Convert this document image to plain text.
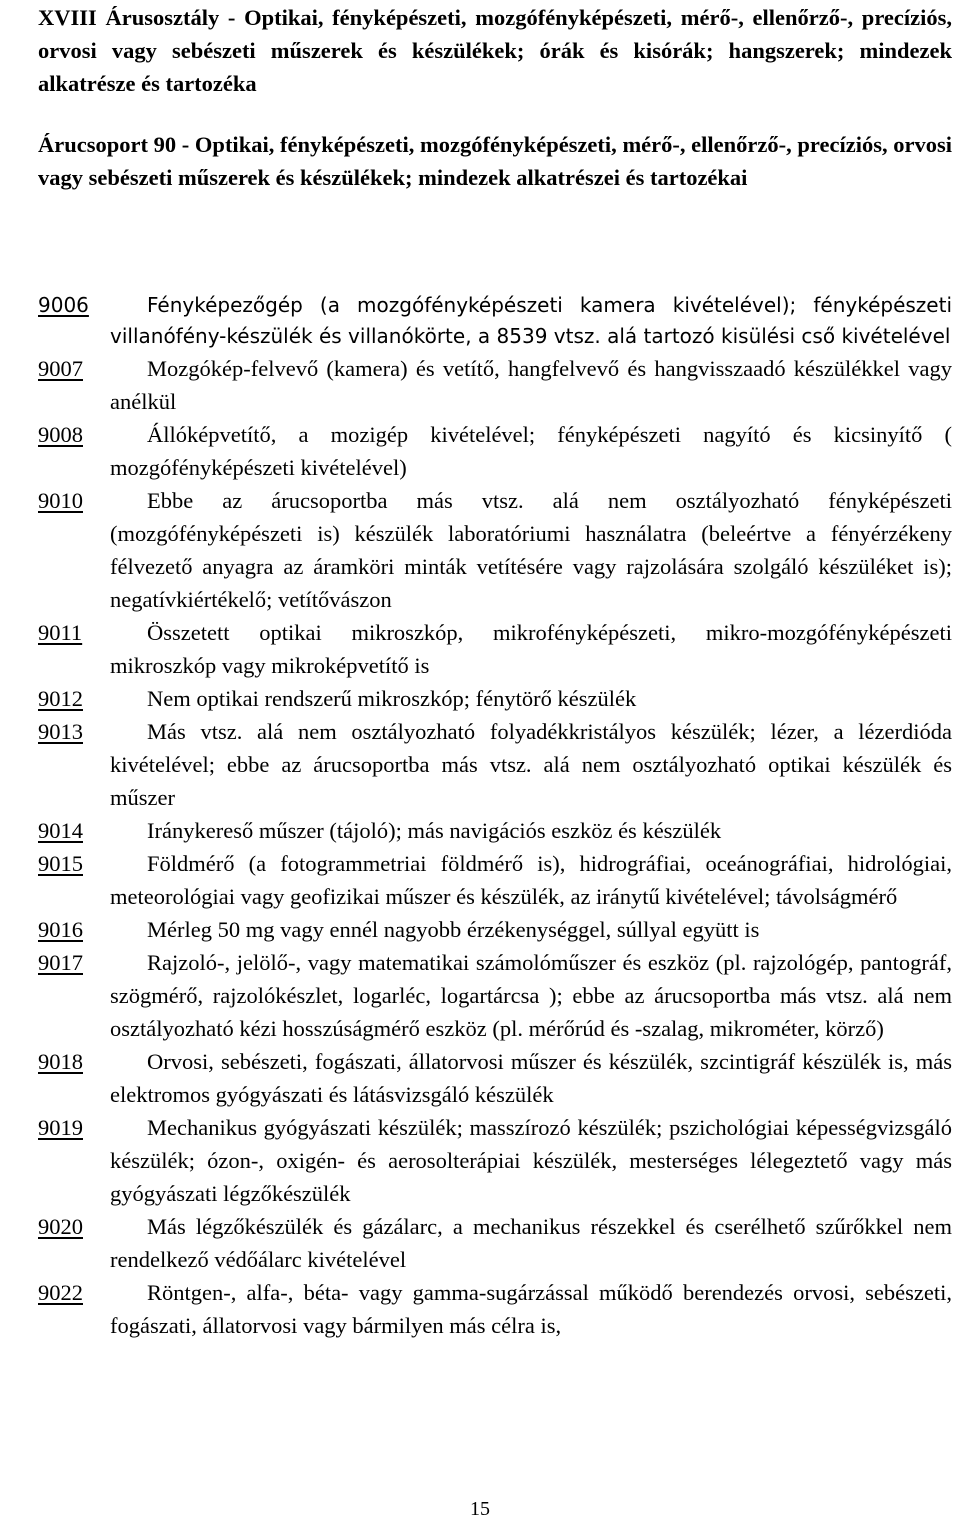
XVIII Árusosztály - Optikai, fényképészeti, mozgófényképészeti, mérő-, ellenőrző-, precíziós, orvosi vagy sebészeti műszerek és készülékek; órák és kisórák; hangszerek; mindezek alkatrésze és tartozéka
Árucsoport 90 - Optikai, fényképészeti, mozgófényképészeti, mérő-, ellenőrző-, precíziós, orvosi vagy sebészeti műszerek és készülékek; mindezek alkatrészei és tartozékai
9006	Fényképezőgép (a mozgófényképészeti kamera kivételével); fényképészeti villanófény-készülék és villanókörte, a 8539 vtsz. alá tartozó kisülési cső kivételével
9007	Mozgókép-felvevő (kamera) és vetítő, hangfelvevő és hangvisszaadó készülékkel vagy anélkül
9008	Állóképvetítő, a mozigép kivételével; fényképészeti nagyító és kicsinyítő ( mozgófényképészeti kivételével)
9010	Ebbe az árucsoportba más vtsz. alá nem osztályozható fényképészeti (mozgófényképészeti is) készülék laboratóriumi használatra (beleértve a fényérzékeny félvezető anyagra az áramköri minták vetítésére vagy rajzolására szolgáló készüléket is); negatívkiértékelő; vetítővászon
9011	Összetett optikai mikroszkóp, mikrofényképészeti, mikro-mozgófényképészeti mikroszkóp vagy mikroképvetítő is
9012	Nem optikai rendszerű mikroszkóp; fénytörő készülék
9013	Más vtsz. alá nem osztályozható folyadékkristályos készülék; lézer, a lézerdióda kivételével; ebbe az árucsoportba más vtsz. alá nem osztályozható optikai készülék és műszer
9014	Iránykereső műszer (tájoló); más navigációs eszköz és készülék
9015	Földmérő (a fotogrammetriai földmérő is), hidrográfiai, oceánográfiai, hidrológiai, meteorológiai vagy geofizikai műszer és készülék, az iránytű kivételével; távolságmérő
9016	Mérleg 50 mg vagy ennél nagyobb érzékenységgel, súllyal együtt is
9017	Rajzoló-, jelölő-, vagy matematikai számolóműszer és eszköz (pl. rajzológép, pantográf, szögmérő, rajzolókészlet, logarléc, logartárcsa ); ebbe az árucsoportba más vtsz. alá nem osztályozható kézi hosszúságmérő eszköz (pl. mérőrúd és -szalag, mikrométer, körző)
9018	Orvosi, sebészeti, fogászati, állatorvosi műszer és készülék, szcintigráf készülék is, más elektromos gyógyászati és látásvizsgáló készülék
9019	Mechanikus gyógyászati készülék; masszírozó készülék; pszichológiai képességvizsgáló készülék; ózon-, oxigén- és aerosolterápiai készülék, mesterséges lélegeztető vagy más gyógyászati légzőkészülék
9020	Más légzőkészülék és gázálarc, a mechanikus részekkel és cserélhető szűrőkkel nem rendelkező védőálarc kivételével
9022	Röntgen-, alfa-, béta- vagy gamma-sugárzással működő berendezés orvosi, sebészeti, fogászati, állatorvosi vagy bármilyen más célra is,
15
